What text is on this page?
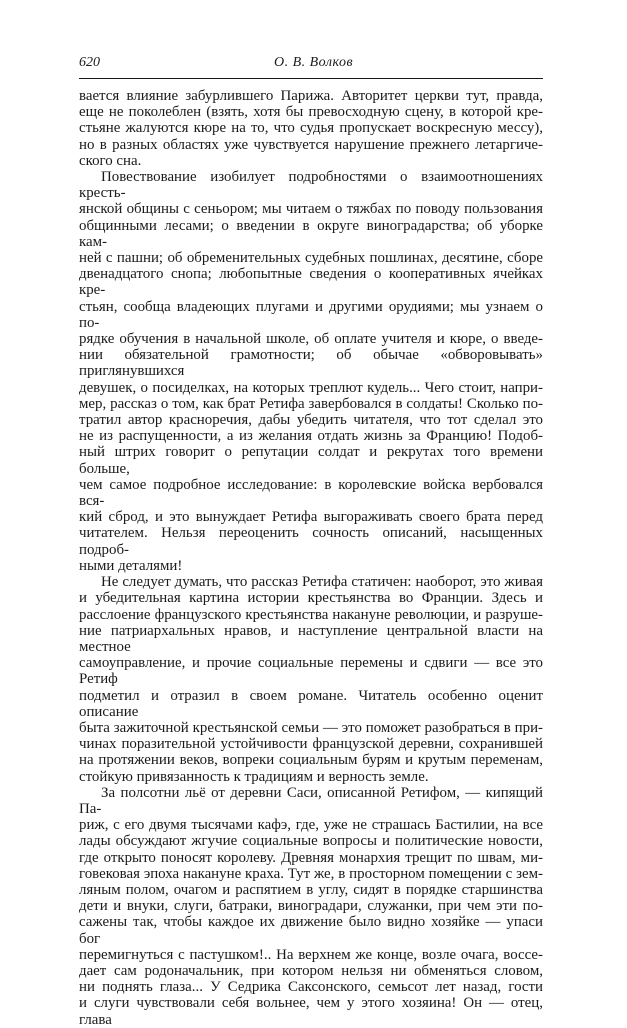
620	О. В. Волков

вается влияние забурлившего Парижа. Авторитет церкви тут, правда,
еще не поколеблен (взять, хотя бы превосходную сцену, в которой кре-
стьяне жалуются кюре на то, что судья пропускает воскресную мессу),
но в разных областях уже чувствуется нарушение прежнего летаргиче-
ского сна.

Повествование изобилует подробностями о взаимоотношениях кресть-
янской общины с сеньором; мы читаем о тяжбах по поводу пользования
общинными лесами; о введении в округе виноградарства; об уборке кам-
ней с пашни; об обременительных судебных пошлинах, десятине, сборе
двенадцатого снопа; любопытные сведения о кооперативных ячейках кре-
стьян, сообща владеющих плугами и другими орудиями; мы узнаем о по-
рядке обучения в начальной школе, об оплате учителя и кюре, о введе-
нии обязательной грамотности; об обычае «обворовывать» приглянувшихся
девушек, о посиделках, на которых треплют кудель... Чего стоит, напри-
мер, рассказ о том, как брат Ретифа завербовался в солдаты! Сколько по-
тратил автор красноречия, дабы убедить читателя, что тот сделал это
не из распущенности, а из желания отдать жизнь за Францию! Подоб-
ный штрих говорит о репутации солдат и рекрутах того времени больше,
чем самое подробное исследование: в королевские войска вербовался вся-
кий сброд, и это вынуждает Ретифа выгораживать своего брата перед
читателем. Нельзя переоценить сочность описаний, насыщенных подроб-
ными деталями!

Не следует думать, что рассказ Ретифа статичен: наоборот, это живая
и убедительная картина истории крестьянства во Франции. Здесь и
расслоение французского крестьянства накануне революции, и разруше-
ние патриархальных нравов, и наступление центральной власти на местное
самоуправление, и прочие социальные перемены и сдвиги — все это Ретиф
подметил и отразил в своем романе. Читатель особенно оценит описание
быта зажиточной крестьянской семьи — это поможет разобраться в при-
чинах поразительной устойчивости французской деревни, сохранившей
на протяжении веков, вопреки социальным бурям и крутым переменам,
стойкую привязанность к традициям и верность земле.

За полсотни льё от деревни Саси, описанной Ретифом, — кипящий Па-
риж, с его двумя тысячами кафэ, где, уже не страшась Бастилии, на все
лады обсуждают жгучие социальные вопросы и политические новости,
где открыто поносят королеву. Древняя монархия трещит по швам, ми-
говековая эпоха накануне краха. Тут же, в просторном помещении с зем-
ляным полом, очагом и распятием в углу, сидят в порядке старшинства
дети и внуки, слуги, батраки, виноградари, служанки, при чем эти по-
сажены так, чтобы каждое их движение было видно хозяйке — упаси бог
перемигнуться с пастушком!.. На верхнем же конце, возле очага, воссе-
дает сам родоначальник, при котором нельзя ни обменяться словом,
ни поднять глаза... У Седрика Саксонского, семьсот лет назад, гости
и слуги чувствовали себя вольнее, чем у этого хозяина! Он — отец, глава
